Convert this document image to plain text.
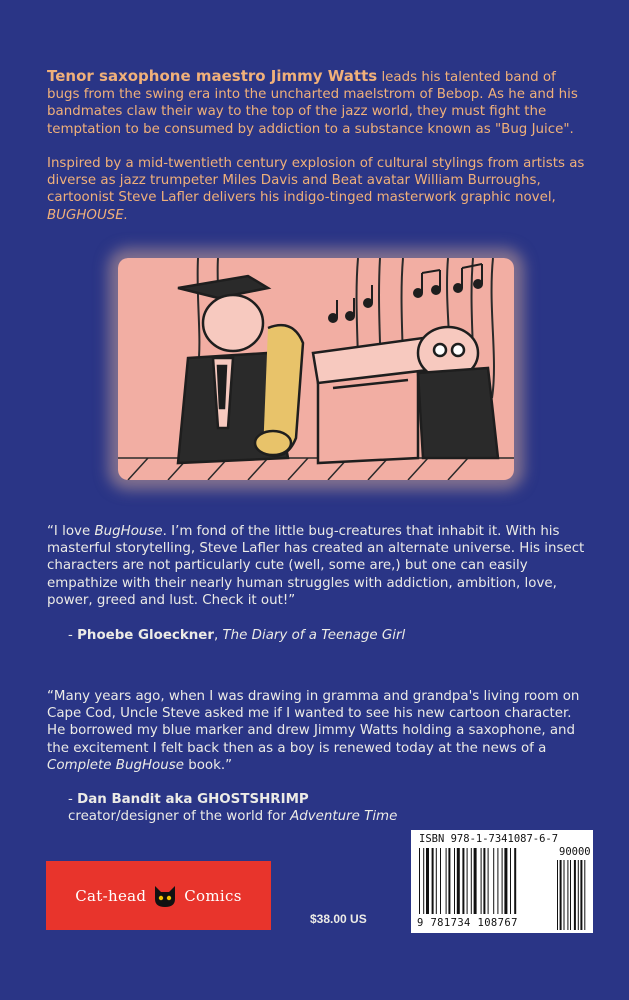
Tenor saxophone maestro Jimmy Watts leads his talented band of bugs from the swing era into the uncharted maelstrom of Bebop. As he and his bandmates claw their way to the top of the jazz world, they must fight the temptation to be consumed by addiction to a substance known as "Bug Juice".
Inspired by a mid-twentieth century explosion of cultural stylings from artists as diverse as jazz trumpeter Miles Davis and Beat avatar William Burroughs, cartoonist Steve Lafler delivers his indigo-tinged masterwork graphic novel, BUGHOUSE.
“I love BugHouse. I’m fond of the little bug-creatures that inhabit it. With his masterful storytelling, Steve Lafler has created an alternate universe. His insect characters are not particularly cute (well, some are,) but one can easily empathize with their nearly human struggles with addiction, ambition, love, power, greed and lust. Check it out!”
- Phoebe Gloeckner, The Diary of a Teenage Girl
“Many years ago, when I was drawing in gramma and grandpa's living room on Cape Cod, Uncle Steve asked me if I wanted to see his new cartoon character. He borrowed my blue marker and drew Jimmy Watts holding a saxophone, and the excitement I felt back then as a boy is renewed today at the news of a Complete BugHouse book.”
- Dan Bandit aka GHOSTSHRIMP
creator/designer of the world for Adventure Time
Cat-head	Comics
$38.00 US
ISBN 978-1-7341087-6-7
90000
9 781734 108767
